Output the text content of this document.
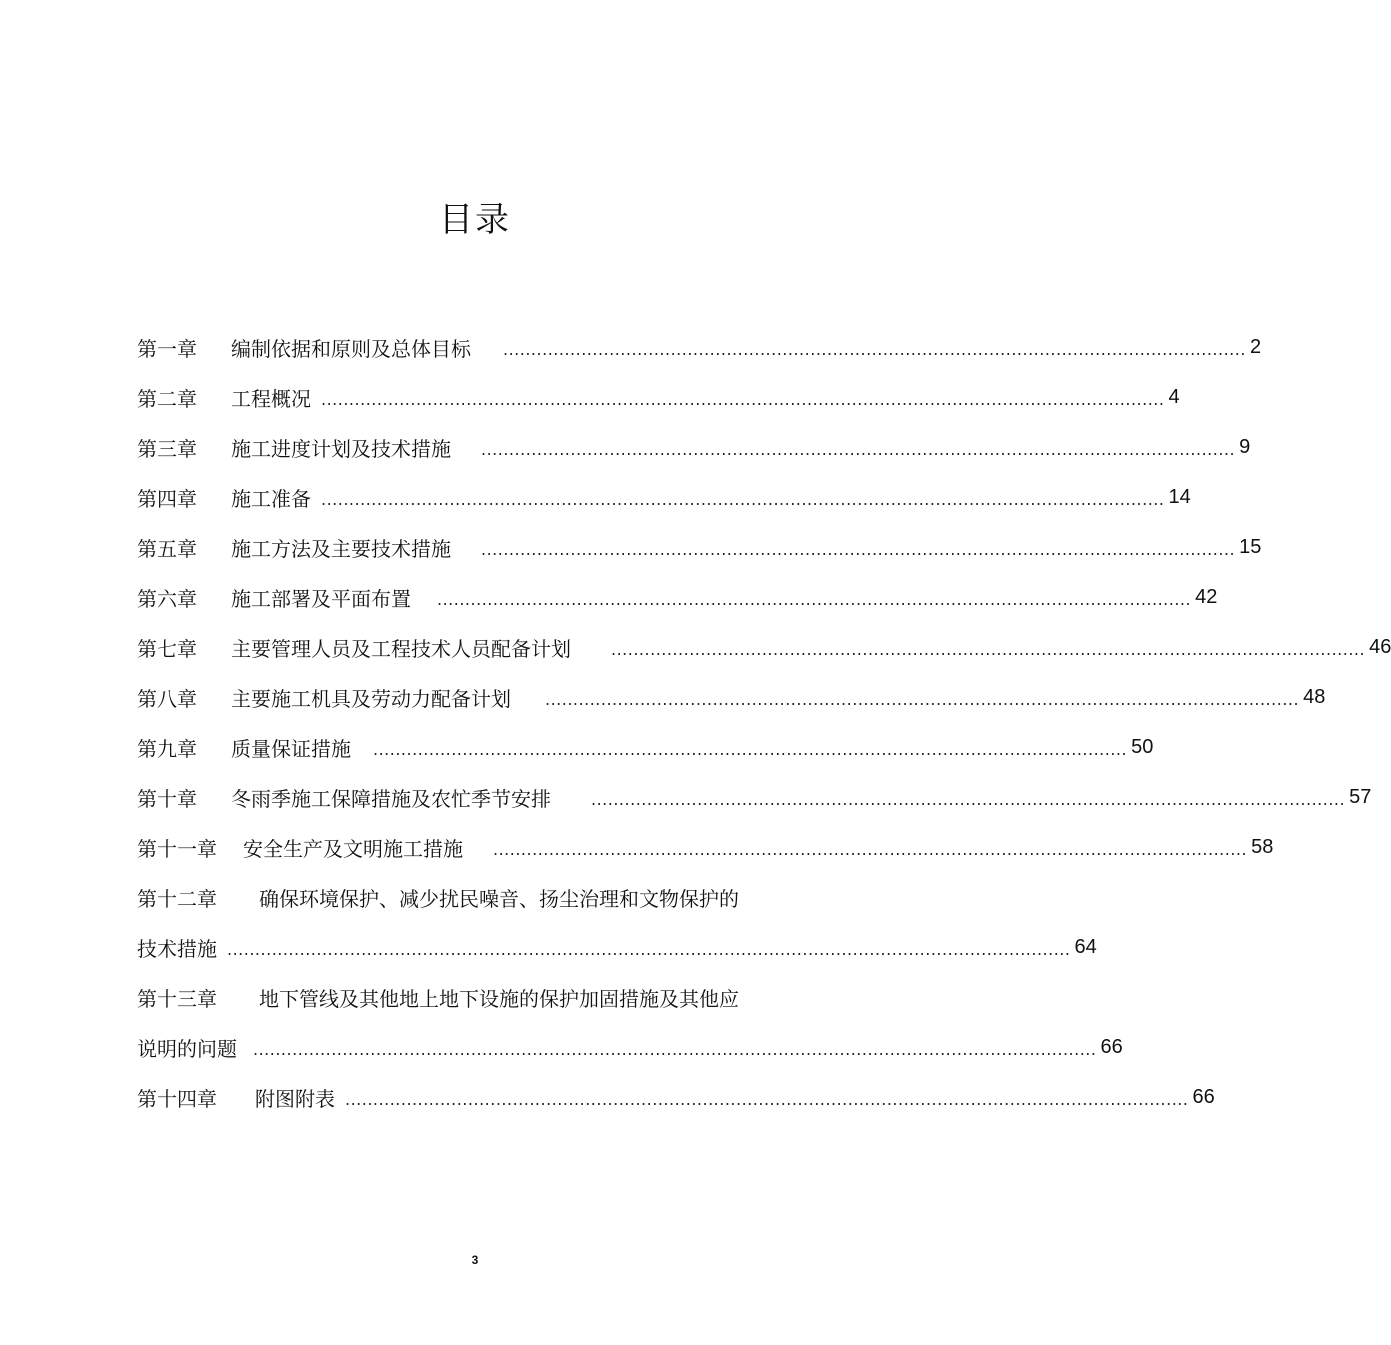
目录
第一章	编制依据和原则及总体目标 ..................................................................................................................................... 2
第二章	工程概况 ....................................................................................................................................................... 4
第三章	施工进度计划及技术措施 ....................................................................................................................................... 9
第四章	施工准备 ....................................................................................................................................................... 14
第五章	施工方法及主要技术措施 ....................................................................................................................................... 15
第六章	施工部署及平面布置 ....................................................................................................................................... 42
第七章	主要管理人员及工程技术人员配备计划	....................................................................................................................................... 46
第八章	主要施工机具及劳动力配备计划 ....................................................................................................................................... 48
第九章	质量保证措施 ....................................................................................................................................... 50
第十章	冬雨季施工保障措施及农忙季节安排	....................................................................................................................................... 57
第十一章	安全生产及文明施工措施 ....................................................................................................................................... 58
第十二章	确保环境保护、减少扰民噪音、扬尘治理和文物保护的
技术措施 ....................................................................................................................................................... 64
第十三章	地下管线及其他地上地下设施的保护加固措施及其他应
说明的问题 ....................................................................................................................................................... 66
第十四章	附图附表 ....................................................................................................................................................... 66
3
